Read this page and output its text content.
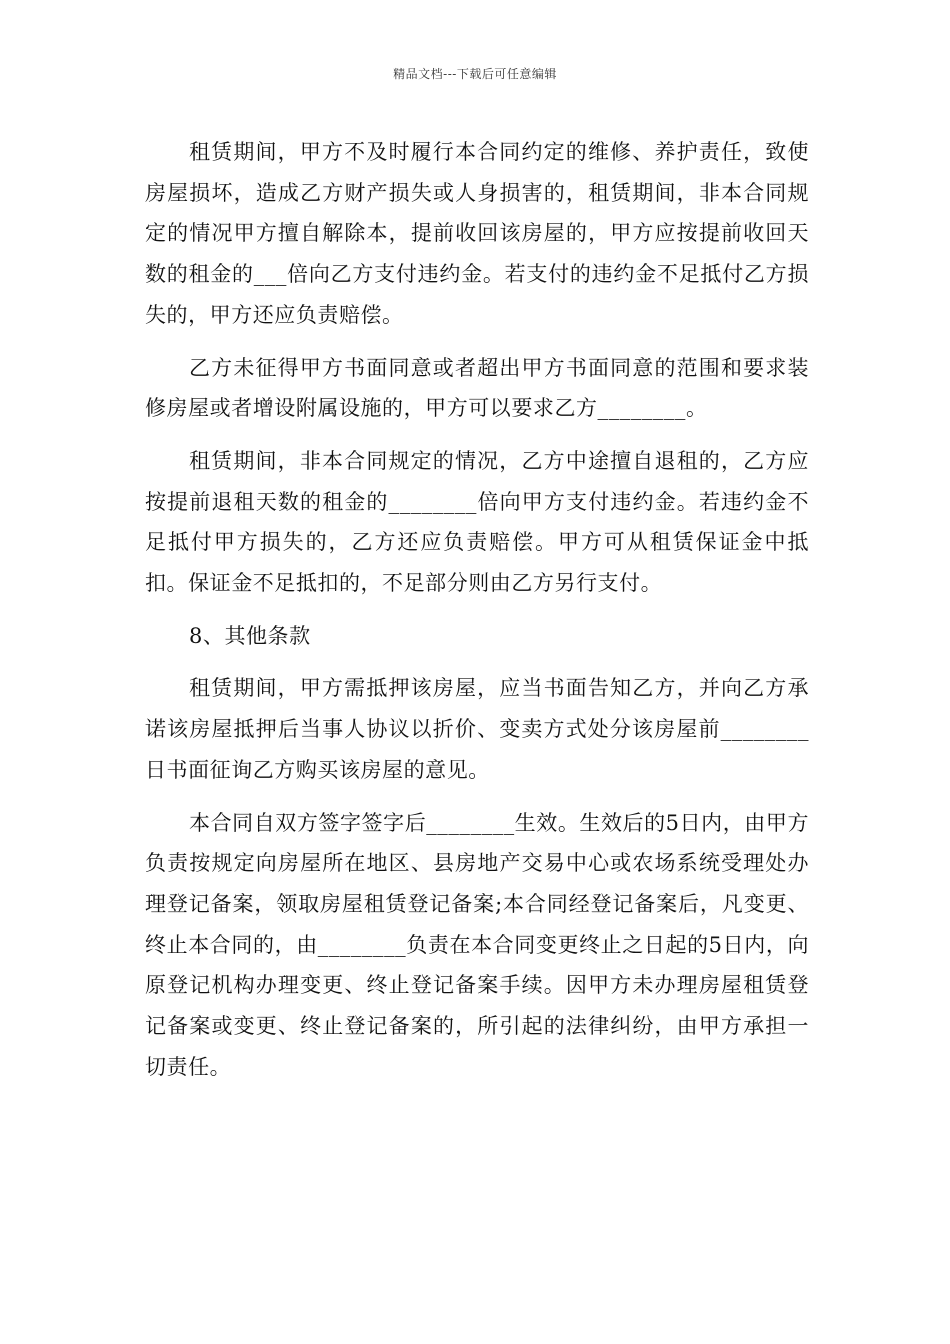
精品文档---下载后可任意编辑

租赁期间，甲方不及时履行本合同约定的维修、养护责任，致使房屋损坏，造成乙方财产损失或人身损害的，租赁期间，非本合同规定的情况甲方擅自解除本，提前收回该房屋的，甲方应按提前收回天数的租金的___倍向乙方支付违约金。若支付的违约金不足抵付乙方损失的，甲方还应负责赔偿。

乙方未征得甲方书面同意或者超出甲方书面同意的范围和要求装修房屋或者增设附属设施的，甲方可以要求乙方________。

租赁期间，非本合同规定的情况，乙方中途擅自退租的，乙方应按提前退租天数的租金的________倍向甲方支付违约金。若违约金不足抵付甲方损失的，乙方还应负责赔偿。甲方可从租赁保证金中抵扣。保证金不足抵扣的，不足部分则由乙方另行支付。

8、其他条款

租赁期间，甲方需抵押该房屋，应当书面告知乙方，并向乙方承诺该房屋抵押后当事人协议以折价、变卖方式处分该房屋前________日书面征询乙方购买该房屋的意见。

本合同自双方签字签字后________生效。生效后的5日内，由甲方负责按规定向房屋所在地区、县房地产交易中心或农场系统受理处办理登记备案，领取房屋租赁登记备案;本合同经登记备案后，凡变更、终止本合同的，由________负责在本合同变更终止之日起的5日内，向原登记机构办理变更、终止登记备案手续。因甲方未办理房屋租赁登记备案或变更、终止登记备案的，所引起的法律纠纷，由甲方承担一切责任。
